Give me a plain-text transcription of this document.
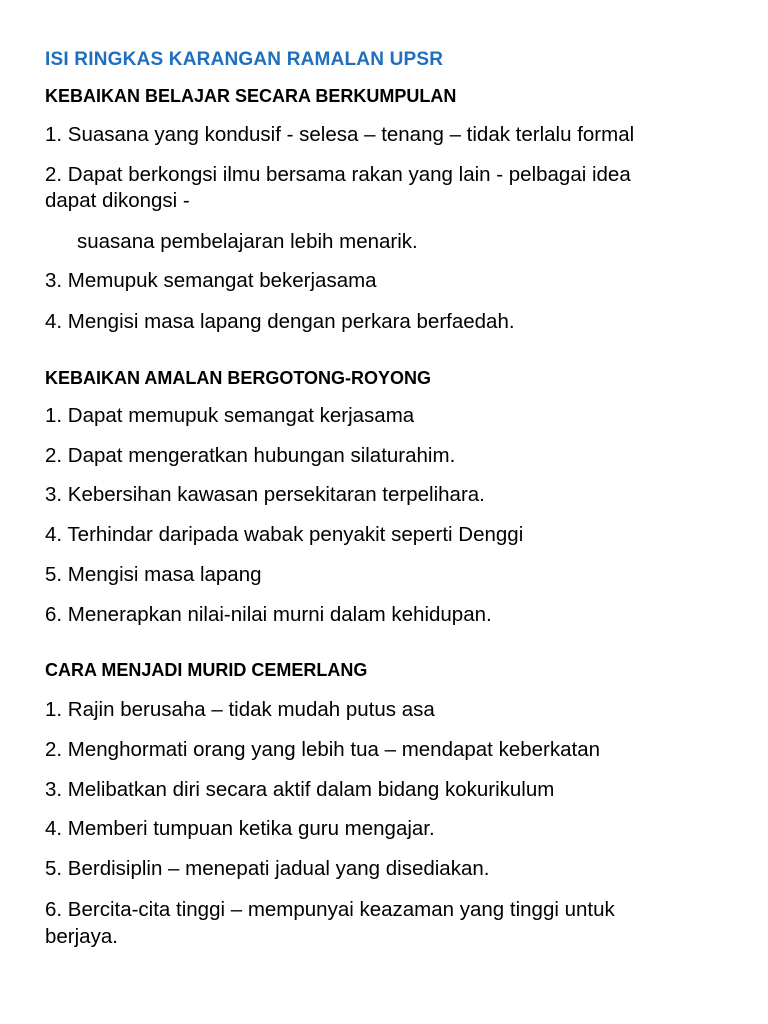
ISI RINGKAS KARANGAN RAMALAN UPSR
KEBAIKAN BELAJAR SECARA BERKUMPULAN
1. Suasana yang kondusif - selesa – tenang – tidak terlalu formal
2. Dapat berkongsi ilmu bersama rakan yang lain - pelbagai idea
dapat dikongsi -
suasana pembelajaran lebih menarik.
3. Memupuk semangat bekerjasama
4. Mengisi masa lapang dengan perkara berfaedah.
KEBAIKAN AMALAN BERGOTONG-ROYONG
1. Dapat memupuk semangat kerjasama
2. Dapat mengeratkan hubungan silaturahim.
3. Kebersihan kawasan persekitaran terpelihara.
4. Terhindar daripada wabak penyakit seperti Denggi
5. Mengisi masa lapang
6. Menerapkan nilai-nilai murni dalam kehidupan.
CARA MENJADI MURID CEMERLANG
1. Rajin berusaha – tidak mudah putus asa
2. Menghormati orang yang lebih tua – mendapat keberkatan
3. Melibatkan diri secara aktif dalam bidang kokurikulum
4. Memberi tumpuan ketika guru mengajar.
5. Berdisiplin – menepati jadual yang disediakan.
6. Bercita-cita tinggi – mempunyai keazaman yang tinggi untuk
berjaya.
